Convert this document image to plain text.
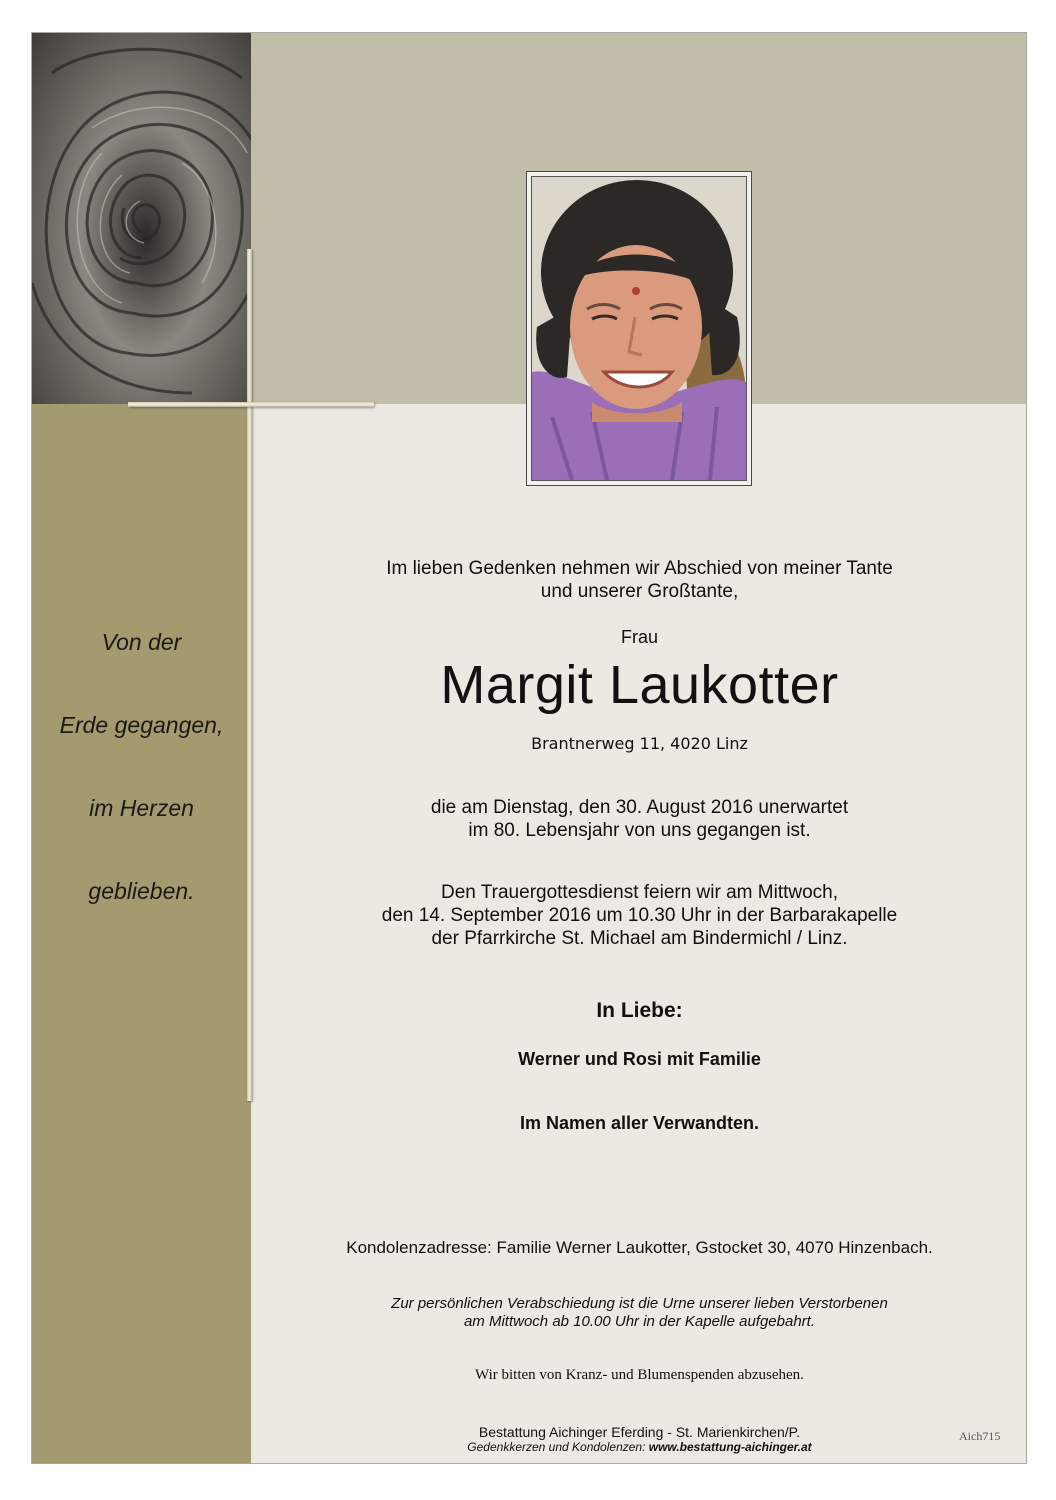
Von der
Erde gegangen,
im Herzen
geblieben.
Im lieben Gedenken nehmen wir Abschied von meiner Tante
und unserer Großtante,
Frau
Margit Laukotter
Brantnerweg 11, 4020 Linz
die am Dienstag, den 30. August 2016 unerwartet
im 80. Lebensjahr von uns gegangen ist.
Den Trauergottesdienst feiern wir am Mittwoch,
den 14. September 2016 um 10.30 Uhr in der Barbarakapelle
der Pfarrkirche St. Michael am Bindermichl / Linz.
In Liebe:
Werner und Rosi mit Familie
Im Namen aller Verwandten.
Kondolenzadresse: Familie Werner Laukotter, Gstocket 30, 4070 Hinzenbach.
Zur persönlichen Verabschiedung ist die Urne unserer lieben Verstorbenen
am Mittwoch ab 10.00 Uhr in der Kapelle aufgebahrt.
Wir bitten von Kranz- und Blumenspenden abzusehen.
Bestattung Aichinger Eferding - St. Marienkirchen/P.
Gedenkkerzen und Kondolenzen: www.bestattung-aichinger.at
Aich715
